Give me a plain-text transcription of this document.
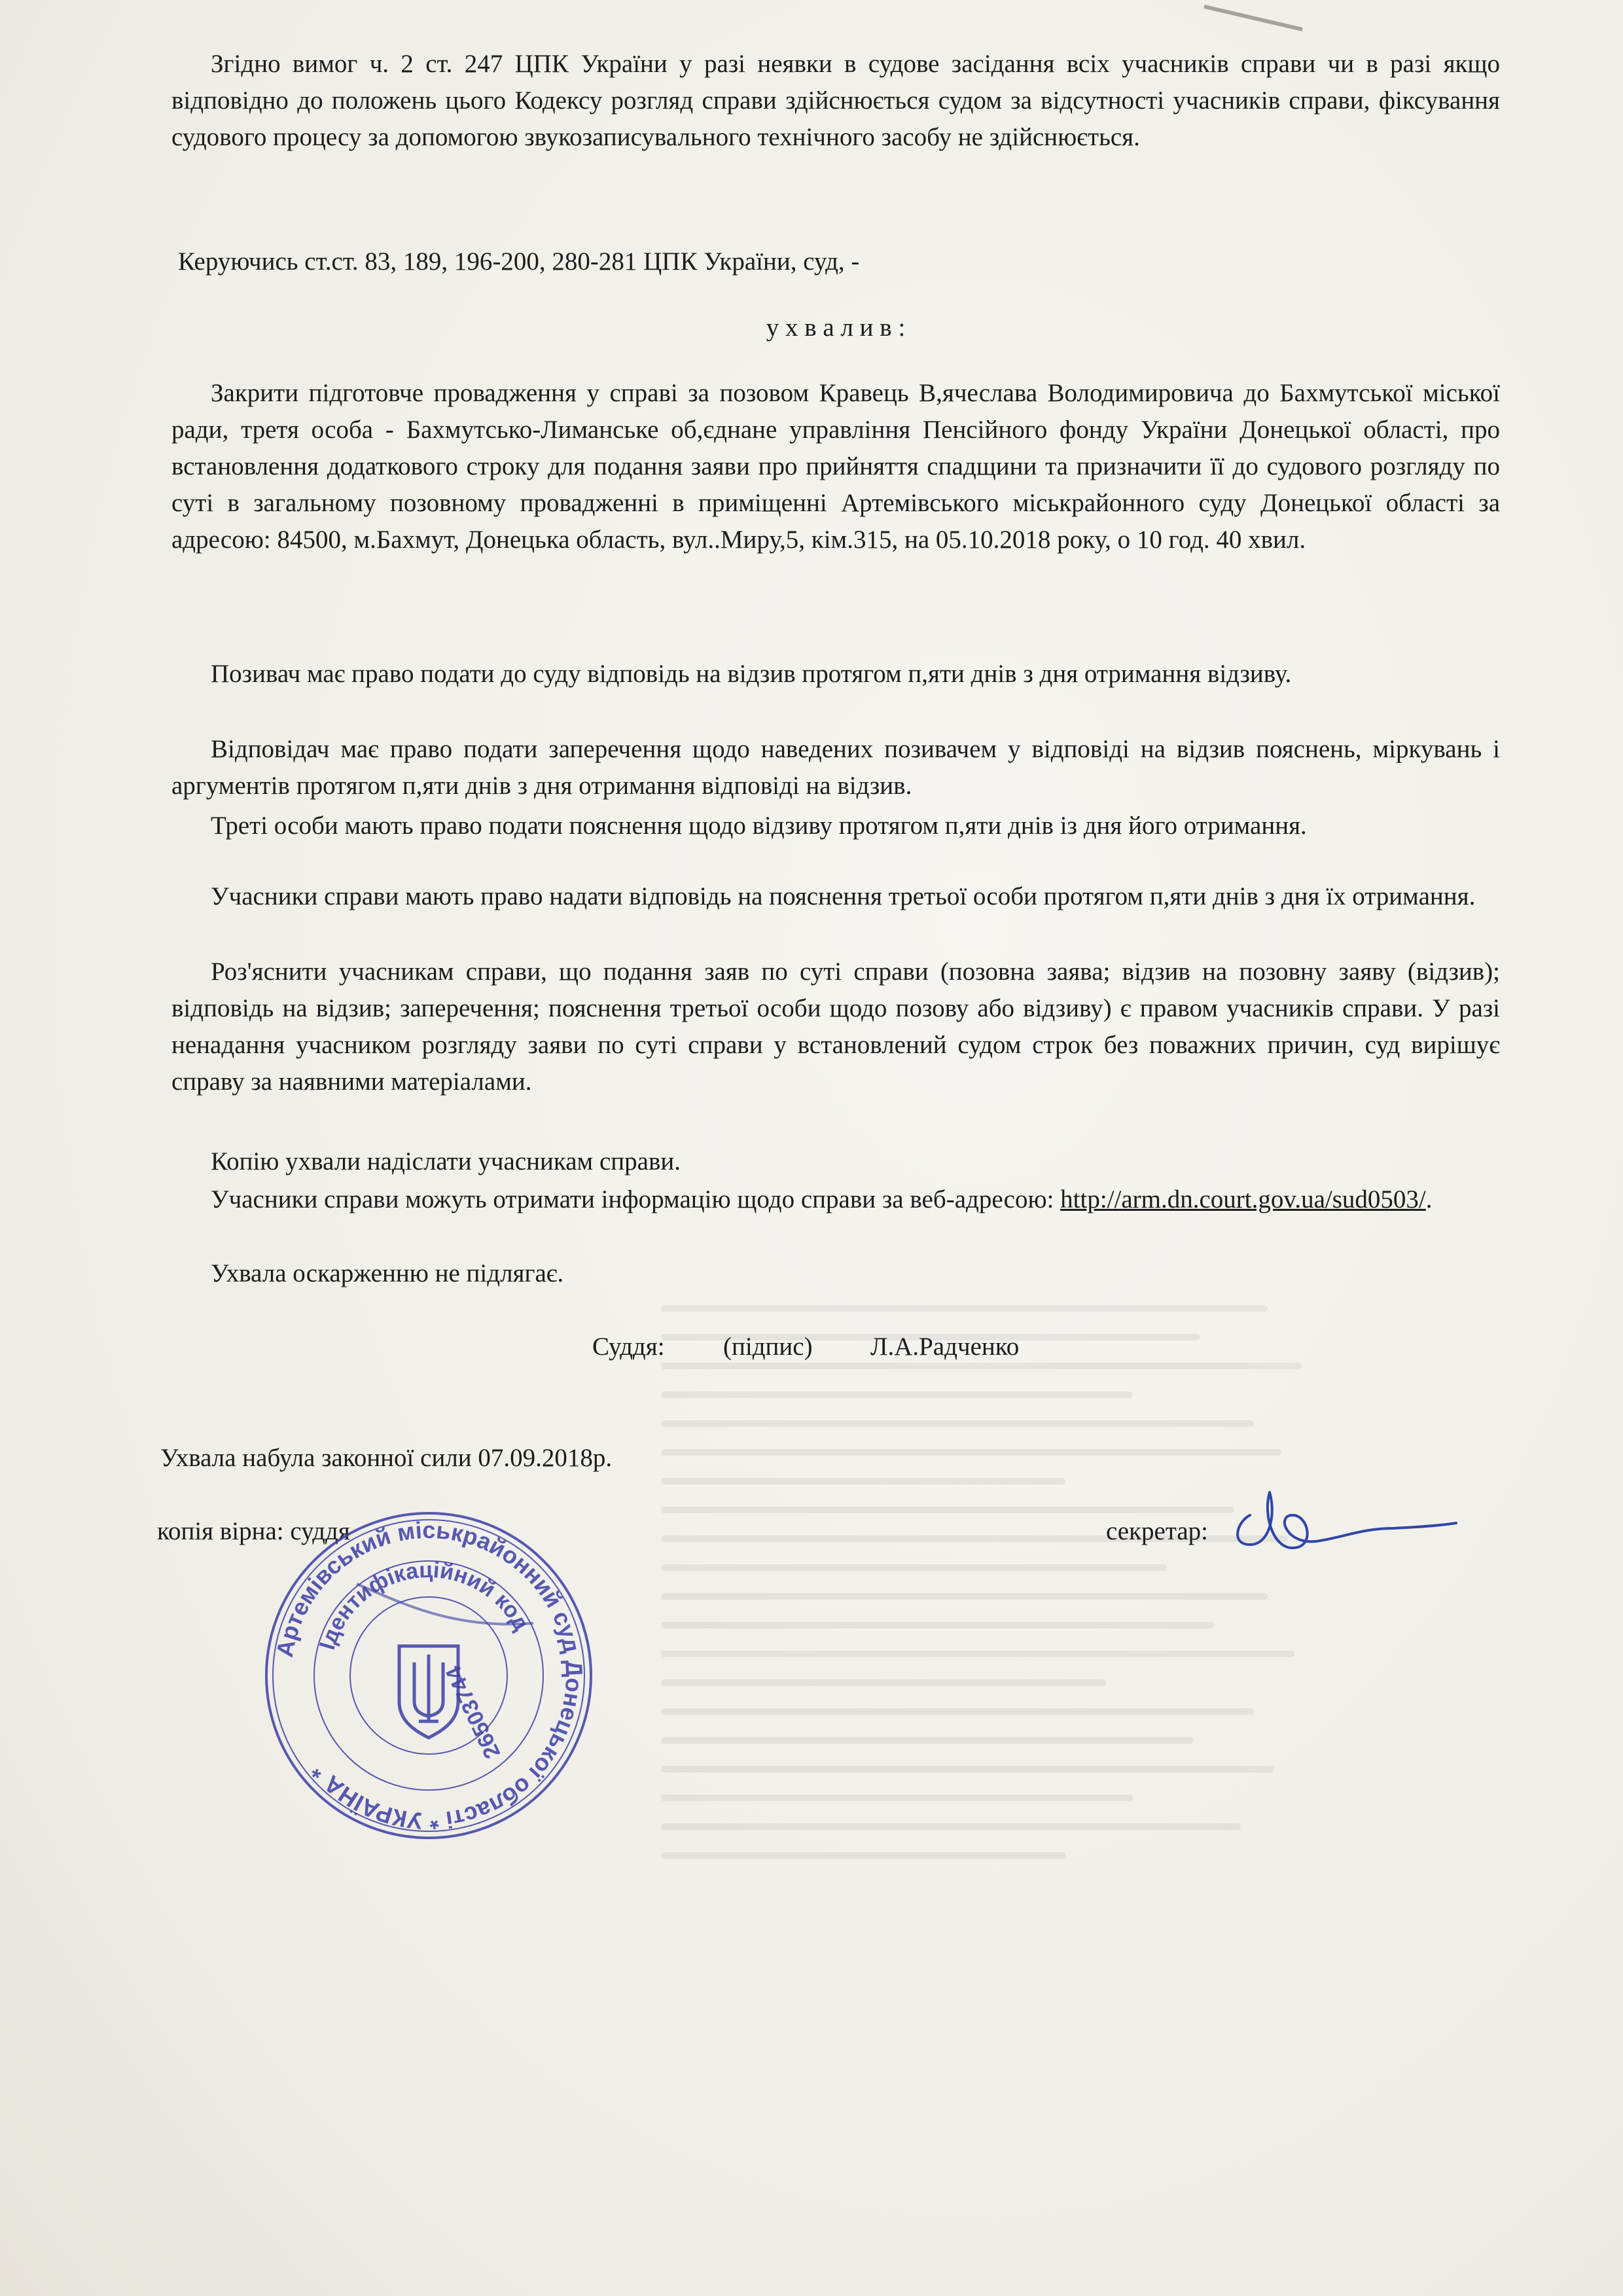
Згідно вимог ч. 2 ст. 247 ЦПК України у разі неявки в судове засідання всіх учасників справи чи в разі якщо відповідно до положень цього Кодексу розгляд справи здійснюється судом за відсутності учасників справи, фіксування судового процесу за допомогою звукозаписувального технічного засобу не здійснюється.

Керуючись ст.ст. 83, 189, 196-200, 280-281 ЦПК України, суд, -

у х в а л и в :

Закрити підготовче провадження у справі за позовом Кравець В,ячеслава Володимировича до Бахмутської міської ради, третя особа - Бахмутсько-Лиманське об,єднане управління Пенсійного фонду України Донецької області, про встановлення додаткового строку для подання заяви про прийняття спадщини та призначити її до судового розгляду по суті в загальному позовному провадженні в приміщенні Артемівського міськрайонного суду Донецької області за адресою: 84500, м.Бахмут, Донецька область, вул..Миру,5, кім.315, на 05.10.2018 року, о 10 год. 40 хвил.

Позивач має право подати до суду відповідь на відзив протягом п,яти днів з дня отримання відзиву.

Відповідач має право подати заперечення щодо наведених позивачем у відповіді на відзив пояснень, міркувань і аргументів протягом п,яти днів з дня отримання відповіді на відзив.

Треті особи мають право подати пояснення щодо відзиву протягом п,яти днів із дня його отримання.

Учасники справи мають право надати відповідь на пояснення третьої особи протягом п,яти днів з дня їх отримання.

Роз'яснити учасникам справи, що подання заяв по суті справи (позовна заява; відзив на позовну заяву (відзив); відповідь на відзив; заперечення; пояснення третьої особи щодо позову або відзиву) є правом учасників справи. У разі ненадання учасником розгляду заяви по суті справи у встановлений судом строк без поважних причин, суд вирішує справу за наявними матеріалами.

Копію ухвали надіслати учасникам справи.

Учасники справи можуть отримати інформацію щодо справи за веб-адресою: http://arm.dn.court.gov.ua/sud0503/.

Ухвала оскарженню не підлягає.

Суддя: (підпис) Л.А.Радченко

Ухвала набула законної сили 07.09.2018р.

копія вірна: суддя	секретар:

Артемівський міськрайонний суд Донецької області * УКРАЇНА *
Ідентифікаційний код
26503744
